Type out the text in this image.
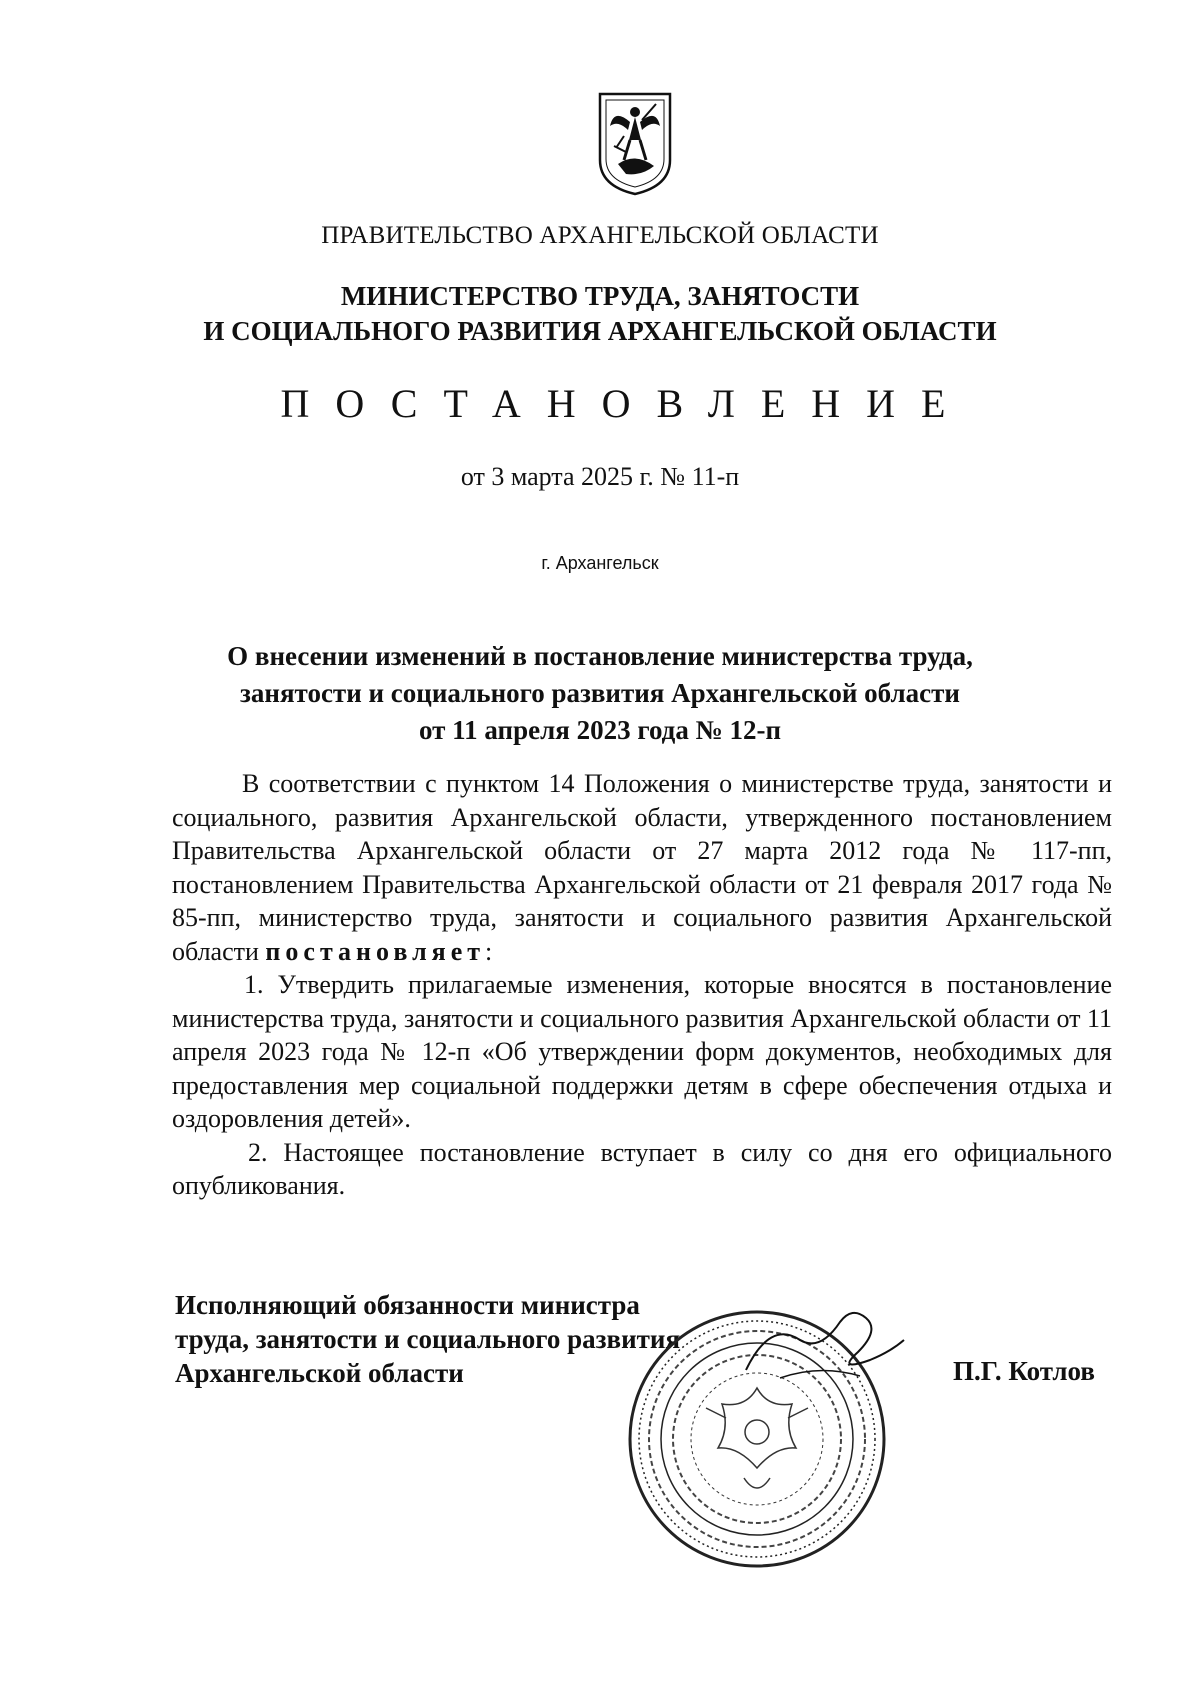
ПРАВИТЕЛЬСТВО АРХАНГЕЛЬСКОЙ ОБЛАСТИ
МИНИСТЕРСТВО ТРУДА, ЗАНЯТОСТИ
И СОЦИАЛЬНОГО РАЗВИТИЯ АРХАНГЕЛЬСКОЙ ОБЛАСТИ
ПОСТАНОВЛЕНИЕ
от 3 марта 2025 г. № 11-п
г. Архангельск
О внесении изменений в постановление министерства труда,
занятости и социального развития Архангельской области
от 11 апреля 2023 года № 12-п

В соответствии с пунктом 14 Положения о министерстве труда, занятости и социального, развития Архангельской области, утвержденного постановлением Правительства Архангельской области от 27 марта 2012 года № 117-пп, постановлением Правительства Архангельской области от 21 февраля 2017 года № 85-пп, министерство труда, занятости и социального развития Архангельской области постановляет:

1. Утвердить прилагаемые изменения, которые вносятся в постановление министерства труда, занятости и социального развития Архангельской области от 11 апреля 2023 года № 12-п «Об утверждении форм документов, необходимых для предоставления мер социальной поддержки детям в сфере обеспечения отдыха и оздоровления детей».

2. Настоящее постановление вступает в силу со дня его официального опубликования.

Исполняющий обязанности министра
труда, занятости и социального развития
Архангельской области	П.Г. Котлов
